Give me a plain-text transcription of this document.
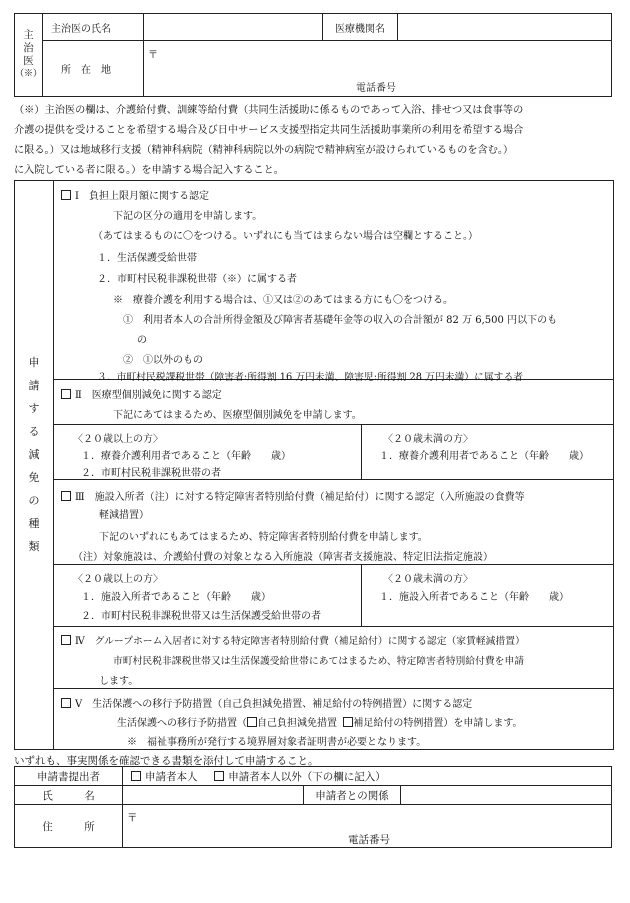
主
治
医
（※）	主治医の氏名		医療機関名	
	所　在　地	〒
電話番号		
（※）主治医の欄は、介護給付費、訓練等給付費（共同生活援助に係るものであって入浴、排せつ又は食事等の
介護の提供を受けることを希望する場合及び日中サービス支援型指定共同生活援助事業所の利用を希望する場合
に限る。）又は地域移行支援（精神科病院（精神科病院以外の病院で精神病室が設けられているものを含む。）
に入院している者に限る。）を申請する場合記入すること。
申
請
す
る
減
免
の
種
類
Ⅰ　負担上限月額に関する認定
下記の区分の適用を申請します。
（あてはまるものに〇をつける。いずれにも当てはまらない場合は空欄とすること。）
１．生活保護受給世帯
２．市町村民税非課税世帯（※）に属する者
※　療養介護を利用する場合は、①又は②のあてはまる方にも〇をつける。
①　利用者本人の合計所得金額及び障害者基礎年金等の収入の合計額が 82 万 6,500 円以下のも
の
②　①以外のもの
３．市町村民税課税世帯（障害者:所得割 16 万円未満、障害児:所得割 28 万円未満）に属する者
Ⅱ　医療型個別減免に関する認定
下記にあてはまるため、医療型個別減免を申請します。
〈２０歳以上の方〉
１．療養介護利用者であること（年齢　　歳）
２．市町村民税非課税世帯の者
〈２０歳未満の方〉
１．療養介護利用者であること（年齢　　歳）
Ⅲ　施設入所者（注）に対する特定障害者特別給付費（補足給付）に関する認定（入所施設の食費等
軽減措置）
下記のいずれにもあてはまるため、特定障害者特別給付費を申請します。
（注）対象施設は、介護給付費の対象となる入所施設（障害者支援施設、特定旧法指定施設）
〈２０歳以上の方〉
１．施設入所者であること（年齢　　歳）
２．市町村民税非課税世帯又は生活保護受給世帯の者
〈２０歳未満の方〉
１．施設入所者であること（年齢　　歳）
Ⅳ　グループホーム入居者に対する特定障害者特別給付費（補足給付）に関する認定（家賃軽減措置）
市町村民税非課税世帯又は生活保護受給世帯にあてはまるため、特定障害者特別給付費を申請
します。
Ⅴ　生活保護への移行予防措置（自己負担減免措置、補足給付の特例措置）に関する認定
生活保護への移行予防措置（ 自己負担減免措置 補足給付の特例措置）を申請します。
※　福祉事務所が発行する境界層対象者証明書が必要となります。
いずれも、事実関係を確認できる書類を添付して申請すること。
申請書提出者	申請者本人 申請者本人以外（下の欄に記入）		
氏　　　名		申請者との関係	
住　　　所	〒
電話番号		
